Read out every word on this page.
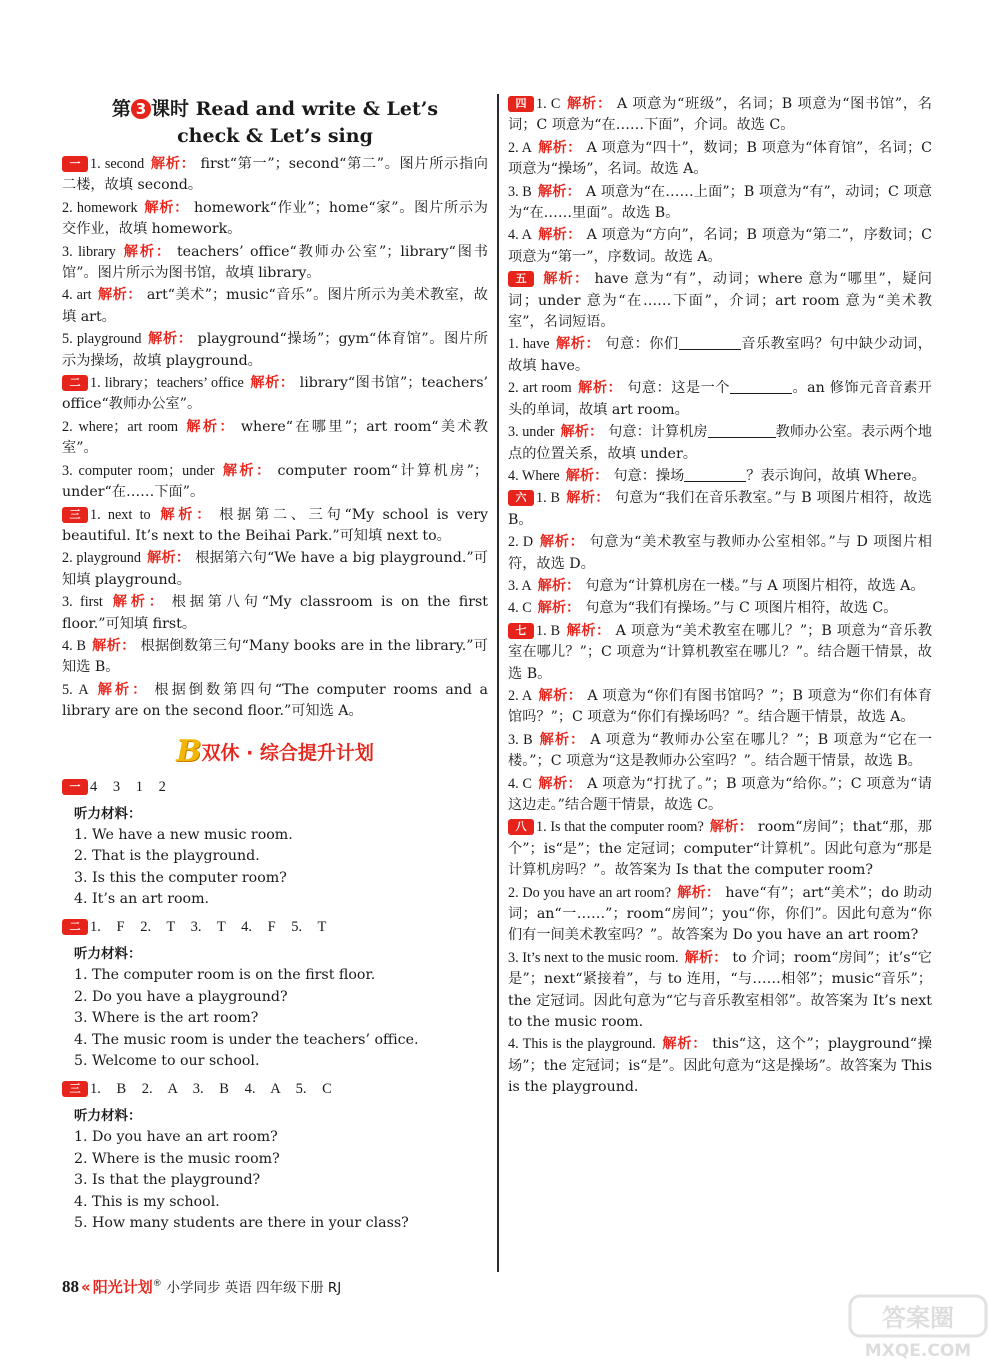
第 3 课时 Read and write & Let’s
check & Let’s sing
一 1. second 解析： first“第一”；second“第二”。图片所示指向二楼，故填 second。
2. homework 解析： homework“作业”；home“家”。图片所示为交作业，故填 homework。
3. library 解析： teachers’ office“教师办公室”；library“图书馆”。图片所示为图书馆，故填 library。
4. art 解析： art“美术”；music“音乐”。图片所示为美术教室，故填 art。
5. playground 解析： playground“操场”；gym“体育馆”。图片所示为操场，故填 playground。
二 1. library；teachers’ office 解析： library“图书馆”；teachers’ office“教师办公室”。
2. where；art room 解析： where“在哪里”；art room“美术教室”。
3. computer room；under 解析： computer room“计算机房”；under“在……下面”。
三 1. next to 解析： 根据第二、三句“My school is very beautiful. It’s next to the Beihai Park.”可知填 next to。
2. playground 解析： 根据第六句“We have a big playground.”可知填 playground。
3. first 解析： 根据第八句“My classroom is on the first floor.”可知填 first。
4. B 解析： 根据倒数第三句“Many books are in the library.”可知选 B。
5. A 解析： 根据倒数第四句“The computer rooms and a library are on the second floor.”可知选 A。
B双休 · 综合提升计划
一 4 3 1 2
听力材料：
1. We have a new music room.
2. That is the playground.
3. Is this the computer room?
4. It’s an art room.
二 1. F 2. T 3. T 4. F 5. T
听力材料：
1. The computer room is on the first floor.
2. Do you have a playground?
3. Where is the art room?
4. The music room is under the teachers’ office.
5. Welcome to our school.
三 1. B 2. A 3. B 4. A 5. C
听力材料：
1. Do you have an art room?
2. Where is the music room?
3. Is that the playground?
4. This is my school.
5. How many students are there in your class?
四 1. C 解析： A 项意为“班级”，名词；B 项意为“图书馆”，名词；C 项意为“在……下面”，介词。故选 C。
2. A 解析： A 项意为“四十”，数词；B 项意为“体育馆”，名词；C 项意为“操场”，名词。故选 A。
3. B 解析： A 项意为“在……上面”；B 项意为“有”，动词；C 项意为“在……里面”。故选 B。
4. A 解析： A 项意为“方向”，名词；B 项意为“第二”，序数词；C 项意为“第一”，序数词。故选 A。
五 解析： have 意为“有”，动词；where 意为“哪里”，疑问词；under 意为“在……下面”，介词；art room 意为“美术教室”，名词短语。
1. have 解析： 句意：你们	音乐教室吗？句中缺少动词，故填 have。
2. art room 解析： 句意：这是一个	。an 修饰元音音素开头的单词，故填 art room。
3. under 解析： 句意：计算机房	教师办公室。表示两个地点的位置关系，故填 under。
4. Where 解析： 句意：操场	？表示询问，故填 Where。
六 1. B 解析： 句意为“我们在音乐教室。”与 B 项图片相符，故选 B。
2. D 解析： 句意为“美术教室与教师办公室相邻。”与 D 项图片相符，故选 D。
3. A 解析： 句意为“计算机房在一楼。”与 A 项图片相符，故选 A。
4. C 解析： 句意为“我们有操场。”与 C 项图片相符，故选 C。
七 1. B 解析： A 项意为“美术教室在哪儿？”；B 项意为“音乐教室在哪儿？”；C 项意为“计算机教室在哪儿？”。结合题干情景，故选 B。
2. A 解析： A 项意为“你们有图书馆吗？”；B 项意为“你们有体育馆吗？”；C 项意为“你们有操场吗？”。结合题干情景，故选 A。
3. B 解析： A 项意为“教师办公室在哪儿？”；B 项意为“它在一楼。”；C 项意为“这是教师办公室吗？”。结合题干情景，故选 B。
4. C 解析： A 项意为“打扰了。”；B 项意为“给你。”；C 项意为“请这边走。”结合题干情景，故选 C。
八 1. Is that the computer room? 解析： room“房间”；that“那，那个”；is“是”；the 定冠词；computer“计算机”。因此句意为“那是计算机房吗？”。故答案为 Is that the computer room?
2. Do you have an art room? 解析： have“有”；art“美术”；do 助动词；an“一……”；room“房间”；you“你，你们”。因此句意为“你们有一间美术教室吗？”。故答案为 Do you have an art room?
3. It’s next to the music room. 解析： to 介词；room“房间”；it’s“它是”；next“紧接着”，与 to 连用，“与……相邻”；music“音乐”；the 定冠词。因此句意为“它与音乐教室相邻”。故答案为 It’s next to the music room.
4. This is the playground. 解析： this“这，这个”；playground“操场”；the 定冠词；is“是”。因此句意为“这是操场”。故答案为 This is the playground.
88 « 阳光计划® 小学同步 英语 四年级下册 RJ
答案圈
MXQE.COM
